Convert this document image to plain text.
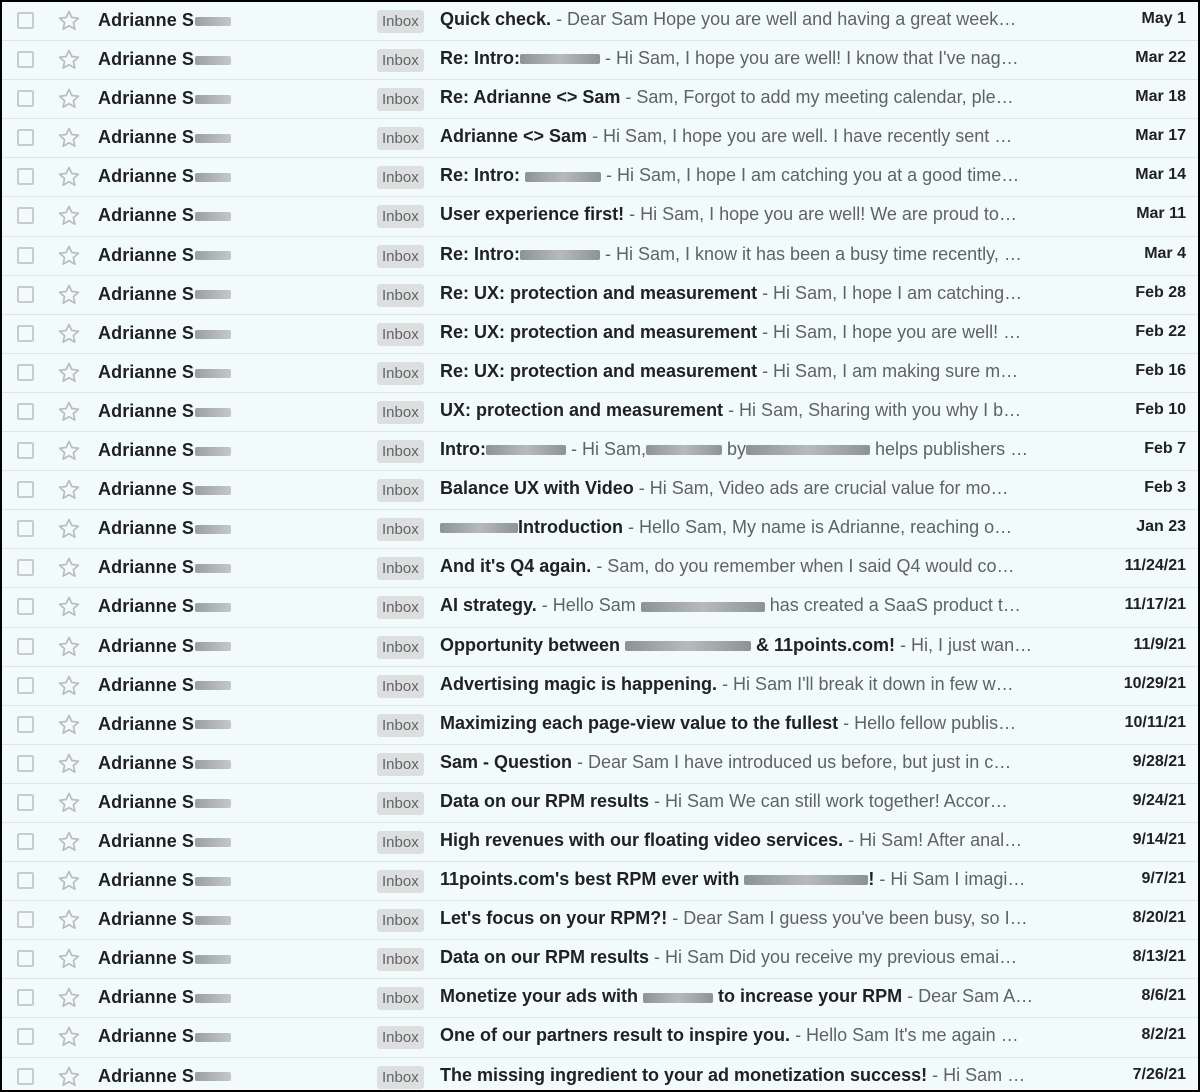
Adrianne S	Inbox Quick check. - Dear Sam Hope you are well and having a great week…	May 1
Adrianne S	Inbox Re: Intro:	- Hi Sam, I hope you are well! I know that I've nag…	Mar 22
Adrianne S	Inbox Re: Adrianne <> Sam - Sam, Forgot to add my meeting calendar, ple…	Mar 18
Adrianne S	Inbox Adrianne <> Sam - Hi Sam, I hope you are well. I have recently sent …	Mar 17
Adrianne S	Inbox Re: Intro:	- Hi Sam, I hope I am catching you at a good time…	Mar 14
Adrianne S	Inbox User experience first! - Hi Sam, I hope you are well! We are proud to…	Mar 11
Adrianne S	Inbox Re: Intro:	- Hi Sam, I know it has been a busy time recently, …	Mar 4
Adrianne S	Inbox Re: UX: protection and measurement - Hi Sam, I hope I am catching…	Feb 28
Adrianne S	Inbox Re: UX: protection and measurement - Hi Sam, I hope you are well! …	Feb 22
Adrianne S	Inbox Re: UX: protection and measurement - Hi Sam, I am making sure m…	Feb 16
Adrianne S	Inbox UX: protection and measurement - Hi Sam, Sharing with you why I b…	Feb 10
Adrianne S	Inbox Intro:	- Hi Sam,	by	helps publishers …	Feb 7
Adrianne S	Inbox Balance UX with Video - Hi Sam, Video ads are crucial value for mo…	Feb 3
Adrianne S	Inbox	Introduction - Hello Sam, My name is Adrianne, reaching o…	Jan 23
Adrianne S	Inbox And it's Q4 again. - Sam, do you remember when I said Q4 would co…	11/24/21
Adrianne S	Inbox AI strategy. - Hello Sam	has created a SaaS product t…	11/17/21
Adrianne S	Inbox Opportunity between	& 11points.com! - Hi, I just wan…	11/9/21
Adrianne S	Inbox Advertising magic is happening. - Hi Sam I'll break it down in few w…	10/29/21
Adrianne S	Inbox Maximizing each page-view value to the fullest - Hello fellow publis…	10/11/21
Adrianne S	Inbox Sam - Question - Dear Sam I have introduced us before, but just in c…	9/28/21
Adrianne S	Inbox Data on our RPM results - Hi Sam We can still work together! Accor…	9/24/21
Adrianne S	Inbox High revenues with our floating video services. - Hi Sam! After anal…	9/14/21
Adrianne S	Inbox 11points.com's best RPM ever with	! - Hi Sam I imagi…	9/7/21
Adrianne S	Inbox Let's focus on your RPM?! - Dear Sam I guess you've been busy, so I…	8/20/21
Adrianne S	Inbox Data on our RPM results - Hi Sam Did you receive my previous emai…	8/13/21
Adrianne S	Inbox Monetize your ads with	to increase your RPM - Dear Sam A…	8/6/21
Adrianne S	Inbox One of our partners result to inspire you. - Hello Sam It's me again …	8/2/21
Adrianne S	Inbox The missing ingredient to your ad monetization success! - Hi Sam …	7/26/21
